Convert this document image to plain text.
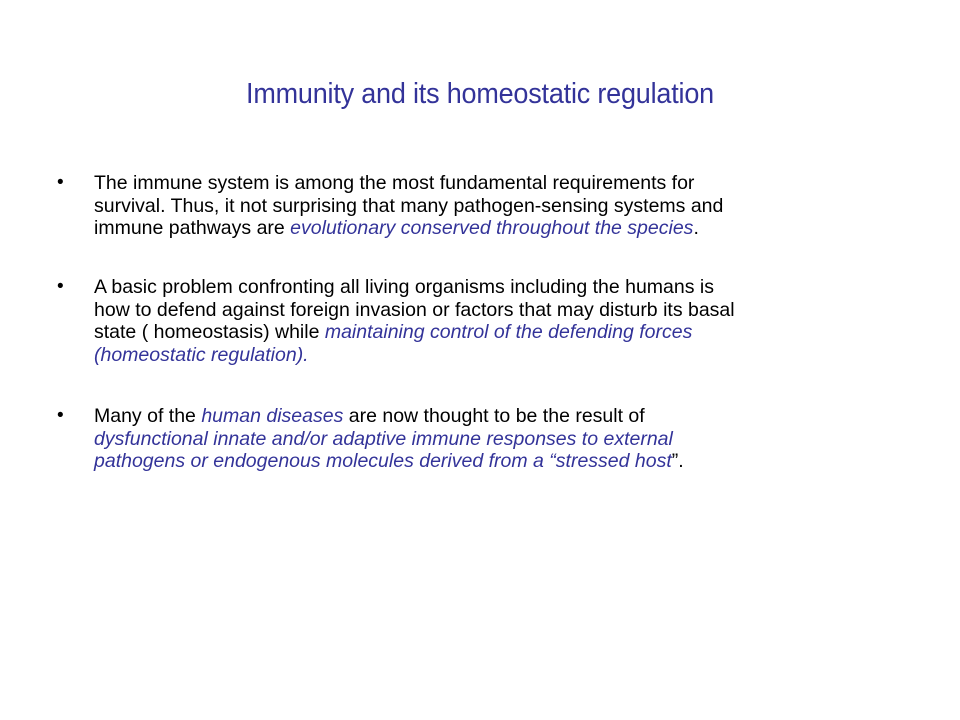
Immunity and its homeostatic regulation
• The immune system is among the most fundamental requirements for
survival. Thus, it not surprising that many pathogen-sensing systems and
immune pathways are evolutionary conserved throughout the species.
• A basic problem confronting all living organisms including the humans is
how to defend against foreign invasion or factors that may disturb its basal
state ( homeostasis) while maintaining control of the defending forces
(homeostatic regulation).
• Many of the human diseases are now thought to be the result of
dysfunctional innate and/or adaptive immune responses to external
pathogens or endogenous molecules derived from a “stressed host”.
